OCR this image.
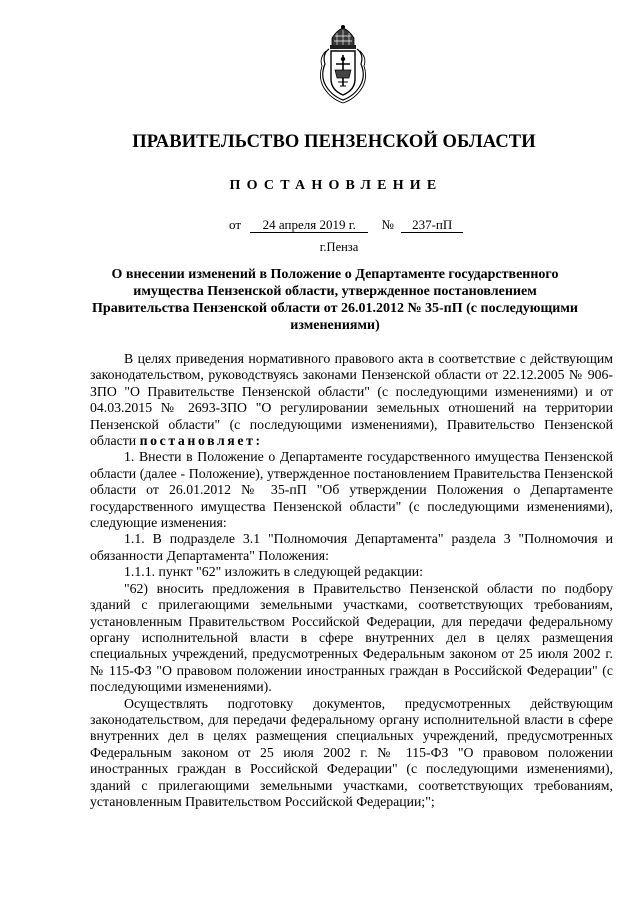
ПРАВИТЕЛЬСТВО ПЕНЗЕНСКОЙ ОБЛАСТИ
ПОСТАНОВЛЕНИЕ
от 24 апреля 2019 г. № 237-пП
г.Пенза
О внесении изменений в Положение о Департаменте государственного имущества Пензенской области, утвержденное постановлением Правительства Пензенской области от 26.01.2012 № 35-пП (с последующими изменениями)

В целях приведения нормативного правового акта в соответствие с действующим законодательством, руководствуясь законами Пензенской области от 22.12.2005 № 906-ЗПО "О Правительстве Пензенской области" (с последующими изменениями) и от 04.03.2015 № 2693-ЗПО "О регулировании земельных отношений на территории Пензенской области" (с последующими изменениями), Правительство Пензенской области постановляет:

1. Внести в Положение о Департаменте государственного имущества Пензенской области (далее - Положение), утвержденное постановлением Правительства Пензенской области от 26.01.2012 № 35-пП "Об утверждении Положения о Департаменте государственного имущества Пензенской области" (с последующими изменениями), следующие изменения:

1.1. В подразделе 3.1 "Полномочия Департамента" раздела 3 "Полномочия и обязанности Департамента" Положения:

1.1.1. пункт "62" изложить в следующей редакции:

"62) вносить предложения в Правительство Пензенской области по подбору зданий с прилегающими земельными участками, соответствующих требованиям, установленным Правительством Российской Федерации, для передачи федеральному органу исполнительной власти в сфере внутренних дел в целях размещения специальных учреждений, предусмотренных Федеральным законом от 25 июля 2002 г. № 115-ФЗ "О правовом положении иностранных граждан в Российской Федерации" (с последующими изменениями).

Осуществлять подготовку документов, предусмотренных действующим законодательством, для передачи федеральному органу исполнительной власти в сфере внутренних дел в целях размещения специальных учреждений, предусмотренных Федеральным законом от 25 июля 2002 г. № 115-ФЗ "О правовом положении иностранных граждан в Российской Федерации" (с последующими изменениями), зданий с прилегающими земельными участками, соответствующих требованиям, установленным Правительством Российской Федерации;";
